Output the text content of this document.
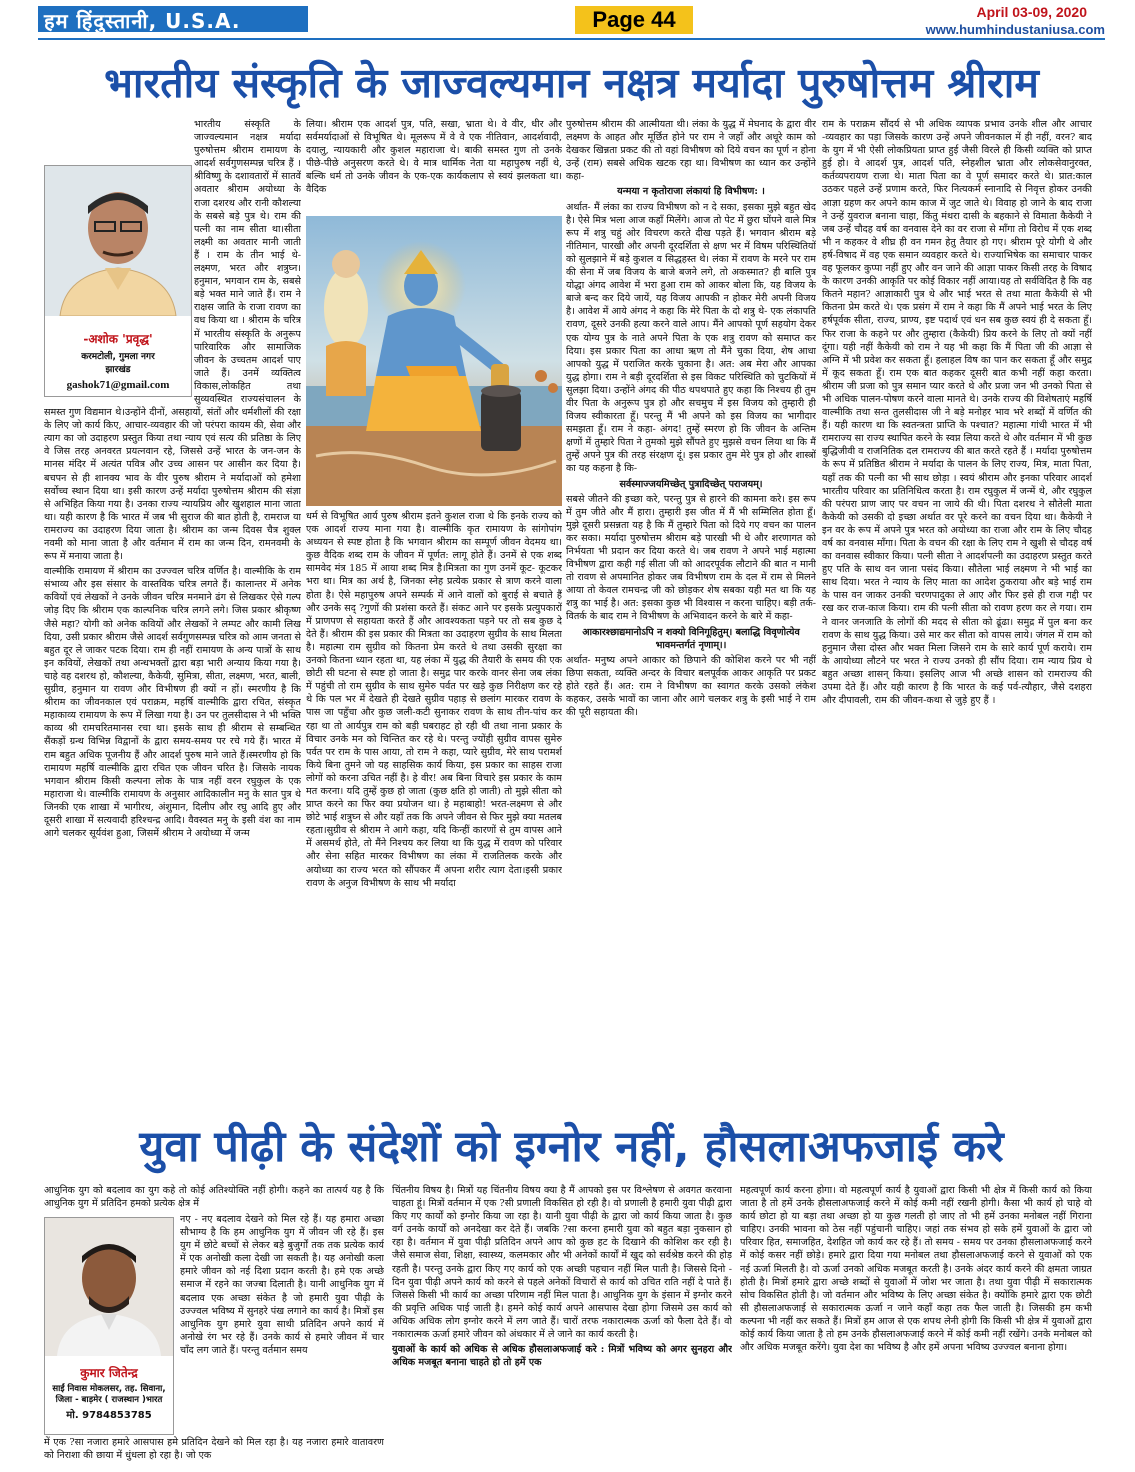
हम हिंदुस्तानी, U.S.A.	Page 44	April 03-09, 2020
www.humhindustaniusa.com
भारतीय संस्कृति के जाज्वल्यमान नक्षत्र मर्यादा पुरुषोत्तम श्रीराम
-अशोक 'प्रवृद्ध'
करमटोली, गुमला नगर
झारखंड
gashok71@gmail.com

भारतीय संस्कृति के जाज्वल्यमान नक्षत्र मर्यादा पुरुषोत्तम श्रीराम रामायण के आदर्श सर्वगुणसम्पन्न चरित्र हैं । श्रीविष्णु के दशावतारों में सातवें अवतार श्रीराम अयोध्या के राजा दशरथ और रानी कौशल्या के सबसे बड़े पुत्र थे। राम की पत्नी का नाम सीता था।सीता लक्ष्मी का अवतार मानी जाती हैं । राम के तीन भाई थे- लक्ष्मण, भरत और शत्रुघ्न। हनुमान, भगवान राम के, सबसे बड़े भक्त माने जाते हैं। राम ने राक्षस जाति के राजा रावण का वध किया था । श्रीराम के चरित्र में भारतीय संस्कृति के अनुरूप पारिवारिक और सामाजिक जीवन के उच्चतम आदर्श पाए जाते हैं। उनमें व्यक्तित्व विकास,लोकहित तथा सुव्यवस्थित राज्यसंचालन के समस्त गुण विद्यमान थे।उन्होंने दीनों, असहायों, संतों और धर्मशीलों की रक्षा के लिए जो कार्य किए, आचार-व्यवहार की जो परंपरा कायम की, सेवा और त्याग का जो उदाहरण प्रस्तुत किया तथा न्याय एवं सत्य की प्रतिष्ठा के लिए वे जिस तरह अनवरत प्रयत्नवान रहे, जिससे उन्हें भारत के जन-जन के मानस मंदिर में अत्यंत पवित्र और उच्च आसन पर आसीन कर दिया है। बचपन से ही शानक्य भाव के वीर पुरुष श्रीराम ने मर्यादाओं को हमेशा सर्वोच्च स्थान दिया था। इसी कारण उन्हें मर्यादा पुरुषोत्तम श्रीराम की संज्ञा से अभिहित किया गया है। उनका राज्य न्यायप्रिय और खुशहाल माना जाता था। यही कारण है कि भारत में जब भी सुराज की बात होती है, रामराज या रामराज्य का उदाहरण दिया जाता है। श्रीराम का जन्म दिवस चैत्र शुक्ल नवमी को माना जाता है और वर्तमान में राम का जन्म दिन, रामनवमी के रूप में मनाया जाता है।

वाल्मीकि रामायण में श्रीराम का उज्ज्वल चरित्र वर्णित है। वाल्मीकि के राम संभाव्य और इस संसार के वास्तविक चरित्र लगते हैं। कालान्तर में अनेक कवियों एवं लेखकों ने उनके जीवन चरित्र मनमाने ढंग से लिखकर ऐसे गल्प जोड़ दिए कि श्रीराम एक काल्पनिक चरित्र लगने लगे। जिस प्रकार श्रीकृष्ण जैसे महा? योगी को अनेक कवियों और लेखकों ने लम्पट और कामी लिख दिया, उसी प्रकार श्रीराम जैसे आदर्श सर्वगुणसम्पन्न चरित्र को आम जनता से बहुत दूर ले जाकर पटक दिया। राम ही नहीं रामायण के अन्य पात्रों के साथ इन कवियों, लेखकों तथा अन्धभक्तों द्वारा बड़ा भारी अन्याय किया गया है। चाहे वह दशरथ हो, कौशल्या, कैकेयी, सुमित्रा, सीता, लक्ष्मण, भरत, बाली, सुग्रीव, हनुमान या रावण और विभीषण ही क्यों न हों। स्मरणीय है कि श्रीराम का जीवनकाल एवं पराक्रम, महर्षि वाल्मीकि द्वारा रचित, संस्कृत महाकाव्य रामायण के रूप में लिखा गया है। उन पर तुलसीदास ने भी भक्ति काव्य श्री रामचरितमानस रचा था। इसके साथ ही श्रीराम से सम्बन्धित सैंकड़ों ग्रन्थ विभिन्न विद्वानों के द्वारा समय-समय पर रचे गये हैं। भारत में राम बहुत अधिक पूजनीय हैं और आदर्श पुरुष माने जाते हैं।स्मरणीय हो कि रामायण महर्षि वाल्मीकि द्वारा रचित एक जीवन चरित है। जिसके नायक भगवान श्रीराम किसी कल्पना लोक के पात्र नहीं वरन रघुकुल के एक महाराजा थे। वाल्मीकि रामायण के अनुसार आदिकालीन मनु के सात पुत्र थे जिनकी एक शाखा में भागीरथ, अंशुमान, दिलीप और रघु आदि हुए और दूसरी शाखा में सत्यवादी हरिश्चन्द्र आदि। वैवस्वत मनु के इसी वंश का नाम आगे चलकर सूर्यवंश हुआ, जिसमें श्रीराम ने अयोध्या में जन्म

लिया। श्रीराम एक आदर्श पुत्र, पति, सखा, भ्राता थे। वे वीर, धीर और सर्वमर्यादाओं से विभूषित थे। मूलरूप में वे वे एक नीतिवान, आदर्शवादी, दयालु, न्यायकारी और कुशल महाराजा थे। बाकी समस्त गुण तो उनके पीछे-पीछे अनुसरण करते थे। वे मात्र धार्मिक नेता या महापुरुष नहीं थे, बल्कि धर्म तो उनके जीवन के एक-एक कार्यकलाप से स्वयं झलकता था। वैदिक

धर्म से विभूषित आर्य पुरुष श्रीराम इतने कुशल राजा थे कि इनके राज्य को एक आदर्श राज्य माना गया है। वाल्मीकि कृत रामायण के सांगोपांग अध्ययन से स्पष्ट होता है कि भगवान श्रीराम का सम्पूर्ण जीवन वेदमय था। कुछ वैदिक शब्द राम के जीवन में पूर्णत: लागू होते हैं। उनमें से एक शब्द सामवेद मंत्र 185 में आया शब्द मित्र है।मित्रता का गुण उनमें कूट- कूटकर भरा था। मित्र का अर्थ है, जिनका स्नेह प्रत्येक प्रकार से त्राण करने वाला होता है। ऐसे महापुरुष अपने सम्पर्क में आने वालों को बुराई से बचाते हैं और उनके सद् ?गुणों की प्रशंसा करते हैं। संकट आने पर इसके प्रत्युपकारों में प्राणपण से सहायता करते हैं और आवश्यकता पड़ने पर तो सब कुछ दे देते हैं। श्रीराम की इस प्रकार की मित्रता का उदाहरण सुग्रीव के साथ मिलता है। महात्मा राम सुग्रीव को कितना प्रेम करते थे तथा उसकी सुरक्षा का उनको कितना ध्यान रहता था, यह लंका में युद्ध की तैयारी के समय की एक छोटी सी घटना से स्पष्ट हो जाता है। समुद्र पार करके वानर सेना जब लंका में पहुंची तो राम सुग्रीव के साथ सुमेरु पर्वत पर खड़े कुछ निरीक्षण कर रहे थे कि पल भर में देखते ही देखते सुग्रीव पहाड़ से छलांग मारकर रावण के पास जा पहुँचा और कुछ जली-कटी सुनाकर रावण के साथ तीन-पांच कर रहा था तो आर्यपुत्र राम को बड़ी घबराहट हो रही थी तथा नाना प्रकार के विचार उनके मन को चिन्तित कर रहे थे। परन्तु ज्योंही सुग्रीव वापस सुमेरु पर्वत पर राम के पास आया, तो राम ने कहा, प्यारे सुग्रीव, मेरे साथ परामर्श किये बिना तुमने जो यह साहसिक कार्य किया, इस प्रकार का साहस राजा लोगों को करना उचित नहीं है। हे वीर! अब बिना विचारे इस प्रकार के काम मत करना। यदि तुम्हें कुछ हो जाता (कुछ क्षति हो जाती) तो मुझे सीता को प्राप्त करने का फिर क्या प्रयोजन था। हे महाबाहो! भरत-लक्ष्मण से और छोटे भाई शत्रुघ्न से और यहाँ तक कि अपने जीवन से फिर मुझे क्या मतलब रहता।सुग्रीव से श्रीराम ने आगे कहा, यदि किन्हीं कारणों से तुम वापस आने में असमर्थ होते, तो मैंने निश्चय कर लिया था कि युद्ध में रावण को परिवार और सेना सहित मारकर विभीषण का लंका में राजतिलक करके और अयोध्या का राज्य भरत को सौंपकर मैं अपना शरीर त्याग देता।इसी प्रकार रावण के अनुज विभीषण के साथ भी मर्यादा

पुरुषोत्तम श्रीराम की आत्मीयता थी। लंका के युद्ध में मेघनाद के द्वारा वीर लक्ष्मण के आहत और मूर्छित होने पर राम ने जहाँ और अधूरे काम को देखकर खिन्नता प्रकट की तो वहां विभीषण को दिये वचन का पूर्ण न होना उन्हें (राम) सबसे अधिक खटक रहा था। विभीषण का ध्यान कर उन्होंने कहा-

यन्मया न कृतोराजा लंकायां हि विभीषण: ।

अर्थात- मैं लंका का राज्य विभीषण को न दे सका, इसका मुझे बहुत खेद है। ऐसे मित्र भला आज कहाँ मिलेंगे। आज तो पेट में छुरा घोंपने वाले मित्र रूप में शत्रु चहुं ओर विचरण करते दीख पड़ते हैं। भगवान श्रीराम बड़े नीतिमान, पारखी और अपनी दूरदर्शिता से क्षण भर में विषम परिस्थितियों को सुलझाने में बड़े कुशल व सिद्धहस्त थे। लंका में रावण के मरने पर राम की सेना में जब विजय के बाजे बजने लगे, तो अकस्मात? ही बालि पुत्र योद्धा अंगद आवेश में भरा हुआ राम को आकर बोला कि, यह विजय के बाजे बन्द कर दिये जायें, यह विजय आपकी न होकर मेरी अपनी विजय है। आवेश में आये अंगद ने कहा कि मेरे पिता के दो शत्रु थे- एक लंकापति रावण, दूसरे उनकी हत्या करने वाले आप। मैंने आपको पूर्ण सहयोग देकर एक योग्य पुत्र के नाते अपने पिता के एक शत्रु रावण को समाप्त कर दिया। इस प्रकार पिता का आधा ऋण तो मैंने चुका दिया, शेष आधा आपको युद्ध में पराजित करके चुकाना है। अत: अब मेरा और आपका युद्ध होगा। राम ने बड़ी दूरदर्शिता से इस विकट परिस्थिति को चुटकियों में सुलझा दिया। उन्होंने अंगद की पीठ थपथपाते हुए कहा कि निश्चय ही तुम वीर पिता के अनुरूप पुत्र हो और सचमुच में इस विजय को तुम्हारी ही विजय स्वीकारता हूँ। परन्तु मैं भी अपने को इस विजय का भागीदार समझता हूँ। राम ने कहा- अंगद! तुम्हें स्मरण हो कि जीवन के अन्तिम क्षणों में तुम्हारे पिता ने तुमको मुझे सौंपते हुए मुझसे वचन लिया था कि मैं तुम्हें अपने पुत्र की तरह संरक्षण दूं। इस प्रकार तुम मेरे पुत्र हो और शास्त्रों का यह कहना है कि-

सर्वस्माज्जयमिच्छेत् पुत्रादिच्छेत् पराजयम्।

सबसे जीतने की इच्छा करे, परन्तु पुत्र से हारने की कामना करे। इस रूप में तुम जीते और मैं हारा। तुम्हारी इस जीत में मैं भी सम्मिलित होता हूँ। मुझे दूसरी प्रसन्नता यह है कि मैं तुम्हारे पिता को दिये गए वचन का पालन कर सका। मर्यादा पुरुषोत्तम श्रीराम बड़े पारखी भी थे और शरणागत को निर्भयता भी प्रदान कर दिया करते थे। जब रावण ने अपने भाई महात्मा विभीषण द्वारा कही गई सीता जी को आदरपूर्वक लौटाने की बात न मानी तो रावण से अपमानित होकर जब विभीषण राम के दल में राम से मिलने आया तो केवल रामचन्द्र जी को छोड़कर शेष सबका यही मत था कि यह शत्रु का भाई है। अत: इसका कुछ भी विश्वास न करना चाहिए। बड़ी तर्क-वितर्क के बाद राम ने विभीषण के अभिवादन करने के बारे में कहा-

आकारश्छाद्यमानोऽपि न शक्यो विनिगूहितुम्। बलाद्धि विवृणोत्येव भावमन्तर्गतं नृणाम्।।

अर्थात- मनुष्य अपने आकार को छिपाने की कोशिश करने पर भी नहीं छिपा सकता, व्यक्ति अन्दर के विचार बलपूर्वक आकर आकृति पर प्रकट होते रहते हैं। अत: राम ने विभीषण का स्वागत करके उसको लंकेश कहकर, उसके भावों का जाना और आगे चलकर शत्रु के इसी भाई ने राम की पूरी सहायता की।

राम के पराक्रम सौंदर्य से भी अधिक व्यापक प्रभाव उनके शील और आचार -व्यवहार का पड़ा जिसके कारण उन्हें अपने जीवनकाल में ही नहीं, वरन? बाद के युग में भी ऐसी लोकप्रियता प्राप्त हुई जैसी विरले ही किसी व्यक्ति को प्राप्त हुई हो। वे आदर्श पुत्र, आदर्श पति, स्नेहशील भ्राता और लोकसेवानुरक्त, कर्तव्यपरायण राजा थे। माता पिता का वे पूर्ण समादर करते थे। प्रात:काल उठकर पहले उन्हें प्रणाम करते, फिर नित्यकर्म स्नानादि से निवृत्त होकर उनकी आज्ञा ग्रहण कर अपने काम काज में जुट जाते थे। विवाह हो जाने के बाद राजा ने उन्हें युवराज बनाना चाहा, किंतु मंथरा दासी के बहकाने से विमाता कैकेयी ने जब उन्हें चौदह वर्ष का वनवास देने का वर राजा से माँगा तो विरोध में एक शब्द भी न कहकर वे शीघ्र ही वन गमन हेतु तैयार हो गए। श्रीराम पूरे योगी थे और हर्ष-विषाद में वह एक समान व्यवहार करते थे। राज्याभिषेक का समाचार पाकर वह फूलकर कुप्पा नहीं हुए और वन जाने की आज्ञा पाकर किसी तरह के विषाद के कारण उनकी आकृति पर कोई विकार नहीं आया।यह तो सर्वविदित है कि वह कितने महान? आज्ञाकारी पुत्र थे और भाई भरत से तथा माता कैकेयी से भी कितना प्रेम करते थे। एक प्रसंग में राम ने कहा कि मैं अपने भाई भरत के लिए हर्षपूर्वक सीता, राज्य, प्राण्य, इष्ट पदार्थ एवं धन सब कुछ स्वयं ही दे सकता हूँ। फिर राजा के कहने पर और तुम्हारा (कैकेयी) प्रिय करने के लिए तो क्यों नहीं दूंगा। यही नहीं कैकेयी को राम ने यह भी कहा कि मैं पिता जी की आज्ञा से अग्नि में भी प्रवेश कर सकता हूँ। हलाहल विष का पान कर सकता हूँ और समुद्र में कूद सकता हूँ। राम एक बात कहकर दूसरी बात कभी नहीं कहा करता।श्रीराम जी प्रजा को पुत्र समान प्यार करते थे और प्रजा जन भी उनको पिता से भी अधिक पालन-पोषण करने वाला मानते थे। उनके राज्य की विशेषताएं महर्षि वाल्मीकि तथा सन्त तुलसीदास जी ने बड़े मनोहर भाव भरे शब्दों में वर्णित की हैं। यही कारण था कि स्वतन्त्रता प्राप्ति के पश्चात? महात्मा गांधी भारत में भी रामराज्य सा राज्य स्थापित करने के स्वप्न लिया करते थे और वर्तमान में भी कुछ बुद्धिजीवी व राजनितिक दल रामराज्य की बात करते रहते हैं । मर्यादा पुरुषोत्तम के रूप में प्रतिष्ठित श्रीराम ने मर्यादा के पालन के लिए राज्य, मित्र, माता पिता, यहाँ तक की पत्नी का भी साथ छोड़ा । स्वयं श्रीराम और इनका परिवार आदर्श भारतीय परिवार का प्रतिनिधित्व करता है। राम रघुकुल में जन्में थे, और रघुकुल की परंपरा प्राण जाए पर वचन ना जाये की थी। पिता दशरथ ने सौतेली माता कैकेयी को उसकी दो इच्छा अर्थात वर पूरे करने का वचन दिया था। कैकेयी ने इन वर के रूप में अपने पुत्र भरत को अयोध्या का राजा और राम के लिए चौदह वर्ष का वनवास माँगा। पिता के वचन की रक्षा के लिए राम ने खुशी से चौदह वर्ष का वनवास स्वीकार किया। पत्नी सीता ने आदर्शपत्नी का उदाहरण प्रस्तुत करते हुए पति के साथ वन जाना पसंद किया। सौतेला भाई लक्ष्मण ने भी भाई का साथ दिया। भरत ने न्याय के लिए माता का आदेश ठुकराया और बड़े भाई राम के पास वन जाकर उनकी चरणपादुका ले आए और फिर इसे ही राज गद्दी पर रख कर राज-काज किया। राम की पत्नी सीता को रावण हरण कर ले गया। राम ने वानर जनजाति के लोगों की मदद से सीता को ढूंढा। समुद्र में पुल बना कर रावण के साथ युद्ध किया। उसे मार कर सीता को वापस लाये। जंगल में राम को हनुमान जैसा दोस्त और भक्त मिला जिसने राम के सारे कार्य पूर्ण कराये। राम के आयोध्या लौटने पर भरत ने राज्य उनको ही सौंप दिया। राम न्याय प्रिय थे बहुत अच्छा शासन् किया। इसलिए आज भी अच्छे शासन को रामराज्य की उपमा देते हैं। और यही कारण है कि भारत के कई पर्व-त्यौहार, जैसे दशहरा और दीपावली, राम की जीवन-कथा से जुड़े हुए हैं ।

युवा पीढ़ी के संदेशों को इग्नोर नहीं, हौसलाअफजाई करे

आधुनिक युग को बदलाव का युग कहे तो कोई अतिश्योक्ति नहीं होगी। कहने का तात्पर्य यह है कि आधुनिक युग में प्रतिदिन हमको प्रत्येक क्षेत्र में

कुमार जितेन्द्र
साईं निवास मोकलसर, तह. सिवाना,
जिला - बाड़मेर ( राजस्थान )भारत
मो. 9784853785

नए - नए बदलाव देखने को मिल रहे हैं। यह हमारा अच्छा सौभाग्य है कि हम आधुनिक युग में जीवन जी रहे हैं। इस युग में छोटे बच्चों से लेकर बड़े बुजुर्गों तक तक प्रत्येक कार्य में एक अनोखी कला देखी जा सकती है। यह अनोखी कला हमारे जीवन को नई दिशा प्रदान करती है। हमे एक अच्छे समाज में रहने का जज्बा दिलाती है। यानी आधुनिक युग में बदलाव एक अच्छा संकेत है जो हमारी युवा पीढ़ी के उज्ज्वल भविष्य में सुनहरे पंख लगाने का कार्य है। मित्रों इस आधुनिक युग हमारे युवा साथी प्रतिदिन अपने कार्य में अनोखे रंग भर रहे हैं। उनके कार्य से हमारे जीवन में चार चाँद लग जाते हैं। परन्तु वर्तमान समय

में एक ?सा नजारा हमारे आसपास हमे प्रतिदिन देखने को मिल रहा है। यह नजारा हमारे वातावरण को निराशा की छाया में धुंधला हो रहा है। जो एक

चिंतनीय विषय है। मित्रों यह चिंतनीय विषय क्या है मैं आपको इस पर विश्लेषण से अवगत करवाना चाहता हूं। मित्रों वर्तमान में एक ?सी प्रणाली विकसित हो रही है। वो प्रणाली है हमारी युवा पीढ़ी द्वारा किए गए कार्यों को इग्नोर किया जा रहा है। यानी युवा पीढ़ी के द्वारा जो कार्य किया जाता है। कुछ वर्ग उनके कार्यों को अनदेखा कर देते हैं। जबकि ?सा करना हमारी युवा को बहुत बड़ा नुकसान हो रहा है। वर्तमान में युवा पीढ़ी प्रतिदिन अपने आप को कुछ हट के दिखाने की कोशिश कर रही है। जैसे समाज सेवा, शिक्षा, स्वास्थ्य, कलमकार और भी अनेकों कार्यों में खुद को सर्वश्रेष्ठ करने की होड़ रहती है। परन्तु उनके द्वारा किए गए कार्य को एक अच्छी पहचान नहीं मिल पाती है। जिससे दिनो - दिन युवा पीढ़ी अपने कार्य को करने से पहले अनेकों विचारों से कार्य को उचित राति नहीं दे पाते हैं। जिससे किसी भी कार्य का अच्छा परिणाम नहीं मिल पाता है। आधुनिक युग के इंसान में इग्नोर करने की प्रवृत्ति अधिक पाई जाती है। हमने कोई कार्य अपने आसपास देखा होगा जिसमे उस कार्य को अधिक अधिक लोग इग्नोर करने में लग जाते हैं। चारों तरफ नकारात्मक ऊर्जा को फैला देते हैं। वो नकारात्मक ऊर्जा हमारे जीवन को अंधकार में ले जाने का कार्य करती है।

युवाओं के कार्य को अधिक से अधिक हौसलाअफजाई करे : मित्रों भविष्य को अगर सुनहरा और अधिक मजबूत बनाना चाहते हो तो हमें एक

महत्वपूर्ण कार्य करना होगा। वो महत्वपूर्ण कार्य है युवाओं द्वारा किसी भी क्षेत्र में किसी कार्य को किया जाता है तो हमें उनके हौसलाअफजाई करने में कोई कमी नहीं रखनी होगी। कैसा भी कार्य हो चाहे वो कार्य छोटा हो या बड़ा तथा अच्छा हो या कुछ गलती हो जाए तो भी हमें उनका मनोबल नहीं गिराना चाहिए। उनकी भावना को ठेस नहीं पहुंचानी चाहिए। जहां तक संभव हो सके हमें युवाओं के द्वारा जो परिवार हित, समाजहित, देशहित जो कार्य कर रहे हैं। तो समय - समय पर उनका हौसलाअफजाई करने में कोई कसर नहीं छोड़े। हमारे द्वारा दिया गया मनोबल तथा हौसलाअफजाई करने से युवाओं को एक नई ऊर्जा मिलती है। वो ऊर्जा उनको अधिक मजबूत करती है। उनके अंदर कार्य करने की क्षमता जाग्रत होती है। मित्रों हमारे द्वारा अच्छे शब्दों से युवाओं में जोश भर जाता है। तथा युवा पीढ़ी में सकारात्मक सोच विकसित होती है। जो वर्तमान और भविष्य के लिए अच्छा संकेत है। क्योंकि हमारे द्वारा एक छोटी सी हौसलाअफजाई से सकारात्मक ऊर्जा न जाने कहाँ कहा तक फैल जाती है। जिसकी हम कभी कल्पना भी नहीं कर सकते हैं। मित्रों हम आज से एक शपथ लेनी होगी कि किसी भी क्षेत्र में युवाओं द्वारा कोई कार्य किया जाता है तो हम उनके हौसलाअफजाई करने में कोई कमी नहीं रखेंगे। उनके मनोबल को और अधिक मजबूत करेंगे। युवा देश का भविष्य है और हमें अपना भविष्य उज्ज्वल बनाना होगा।
